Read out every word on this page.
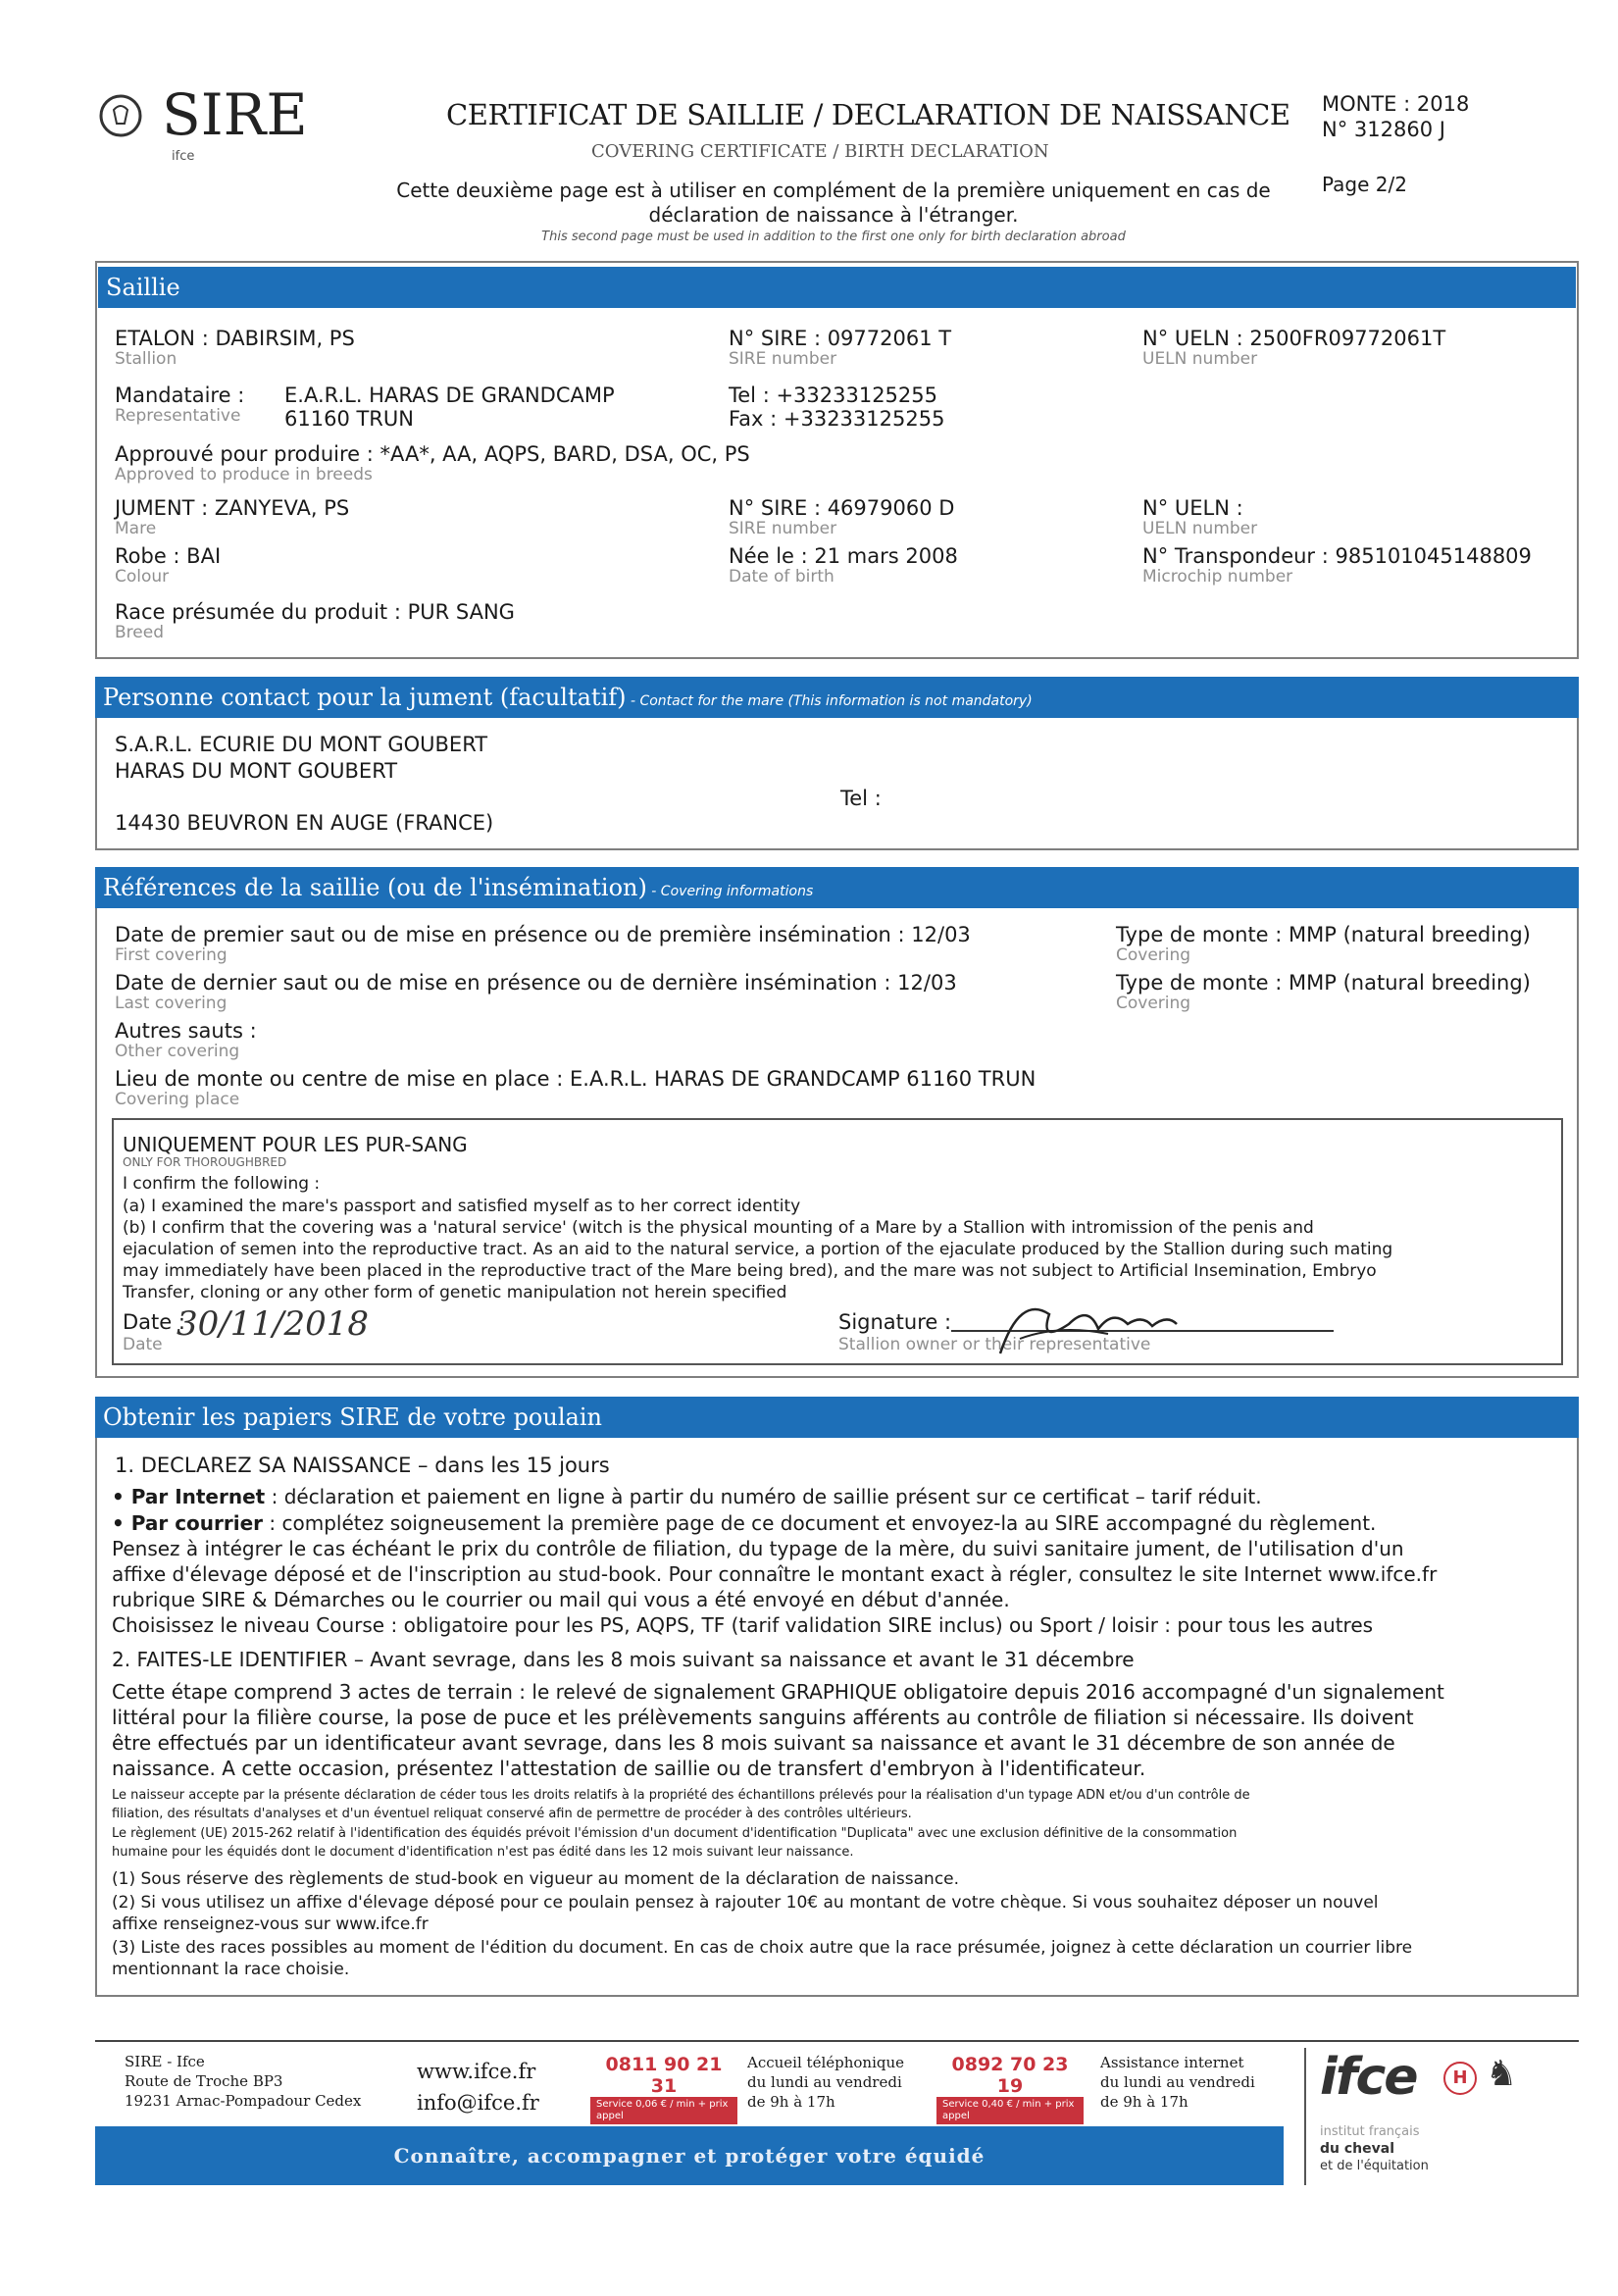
SIRE
ifce
CERTIFICAT DE SAILLIE / DECLARATION DE NAISSANCE
COVERING CERTIFICATE / BIRTH DECLARATION
Cette deuxième page est à utiliser en complément de la première uniquement en cas de déclaration de naissance à l'étranger.
This second page must be used in addition to the first one only for birth declaration abroad
MONTE : 2018
N° 312860 J
Page 2/2
Saillie
ETALON : DABIRSIM, PS
Stallion
N° SIRE : 09772061 T
SIRE number
N° UELN : 2500FR09772061T
UELN number
Mandataire :
Representative
E.A.R.L. HARAS DE GRANDCAMP
61160 TRUN
Tel : +33233125255
Fax : +33233125255
Approuvé pour produire : *AA*, AA, AQPS, BARD, DSA, OC, PS
Approved to produce in breeds
JUMENT : ZANYEVA, PS
Mare
N° SIRE : 46979060 D
SIRE number
N° UELN :
UELN number
Robe : BAI
Colour
Née le : 21 mars 2008
Date of birth
N° Transpondeur : 985101045148809
Microchip number
Race présumée du produit : PUR SANG
Breed
Personne contact pour la jument (facultatif) - Contact for the mare (This information is not mandatory)
S.A.R.L. ECURIE DU MONT GOUBERT
HARAS DU MONT GOUBERT
14430 BEUVRON EN AUGE (FRANCE)
Tel :
Références de la saillie (ou de l'insémination) - Covering informations
Date de premier saut ou de mise en présence ou de première insémination : 12/03
First covering
Type de monte : MMP (natural breeding)
Covering
Date de dernier saut ou de mise en présence ou de dernière insémination : 12/03
Last covering
Type de monte : MMP (natural breeding)
Covering
Autres sauts :
Other covering
Lieu de monte ou centre de mise en place : E.A.R.L. HARAS DE GRANDCAMP 61160 TRUN
Covering place
UNIQUEMENT POUR LES PUR-SANG
ONLY FOR THOROUGHBRED
I confirm the following :
(a) I examined the mare's passport and satisfied myself as to her correct identity
(b) I confirm that the covering was a 'natural service' (witch is the physical mounting of a Mare by a Stallion with intromission of the penis and
ejaculation of semen into the reproductive tract. As an aid to the natural service, a portion of the ejaculate produced by the Stallion during such mating
may immediately have been placed in the reproductive tract of the Mare being bred), and the mare was not subject to Artificial Insemination, Embryo
Transfer, cloning or any other form of genetic manipulation not herein specified
Date :
Date
30/11/2018	Signature :
Stallion owner or their representative
Obtenir les papiers SIRE de votre poulain
1. DECLAREZ SA NAISSANCE – dans les 15 jours
• Par Internet : déclaration et paiement en ligne à partir du numéro de saillie présent sur ce certificat – tarif réduit.
• Par courrier : complétez soigneusement la première page de ce document et envoyez-la au SIRE accompagné du règlement.
Pensez à intégrer le cas échéant le prix du contrôle de filiation, du typage de la mère, du suivi sanitaire jument, de l'utilisation d'un
affixe d'élevage déposé et de l'inscription au stud-book. Pour connaître le montant exact à régler, consultez le site Internet www.ifce.fr
rubrique SIRE & Démarches ou le courrier ou mail qui vous a été envoyé en début d'année.
Choisissez le niveau Course : obligatoire pour les PS, AQPS, TF (tarif validation SIRE inclus) ou Sport / loisir : pour tous les autres
2. FAITES-LE IDENTIFIER – Avant sevrage, dans les 8 mois suivant sa naissance et avant le 31 décembre
Cette étape comprend 3 actes de terrain : le relevé de signalement GRAPHIQUE obligatoire depuis 2016 accompagné d'un signalement
littéral pour la filière course, la pose de puce et les prélèvements sanguins afférents au contrôle de filiation si nécessaire. Ils doivent
être effectués par un identificateur avant sevrage, dans les 8 mois suivant sa naissance et avant le 31 décembre de son année de
naissance. A cette occasion, présentez l'attestation de saillie ou de transfert d'embryon à l'identificateur.
Le naisseur accepte par la présente déclaration de céder tous les droits relatifs à la propriété des échantillons prélevés pour la réalisation d'un typage ADN et/ou d'un contrôle de
filiation, des résultats d'analyses et d'un éventuel reliquat conservé afin de permettre de procéder à des contrôles ultérieurs.
Le règlement (UE) 2015-262 relatif à l'identification des équidés prévoit l'émission d'un document d'identification "Duplicata" avec une exclusion définitive de la consommation
humaine pour les équidés dont le document d'identification n'est pas édité dans les 12 mois suivant leur naissance.
(1) Sous réserve des règlements de stud-book en vigueur au moment de la déclaration de naissance.
(2) Si vous utilisez un affixe d'élevage déposé pour ce poulain pensez à rajouter 10€ au montant de votre chèque. Si vous souhaitez déposer un nouvel
affixe renseignez-vous sur www.ifce.fr
(3) Liste des races possibles au moment de l'édition du document. En cas de choix autre que la race présumée, joignez à cette déclaration un courrier libre
mentionnant la race choisie.
SIRE - Ifce
Route de Troche BP3
19231 Arnac-Pompadour Cedex
www.ifce.fr
info@ifce.fr
0811 90 21 31
Service 0,06 € / min + prix appel
Accueil téléphonique du lundi au vendredi de 9h à 17h
0892 70 23 19
Service 0,40 € / min + prix appel
Assistance internet du lundi au vendredi de 9h à 17h
Connaître, accompagner et protéger votre équidé
ifce	H ♞
institut français
du cheval
et de l'équitation
